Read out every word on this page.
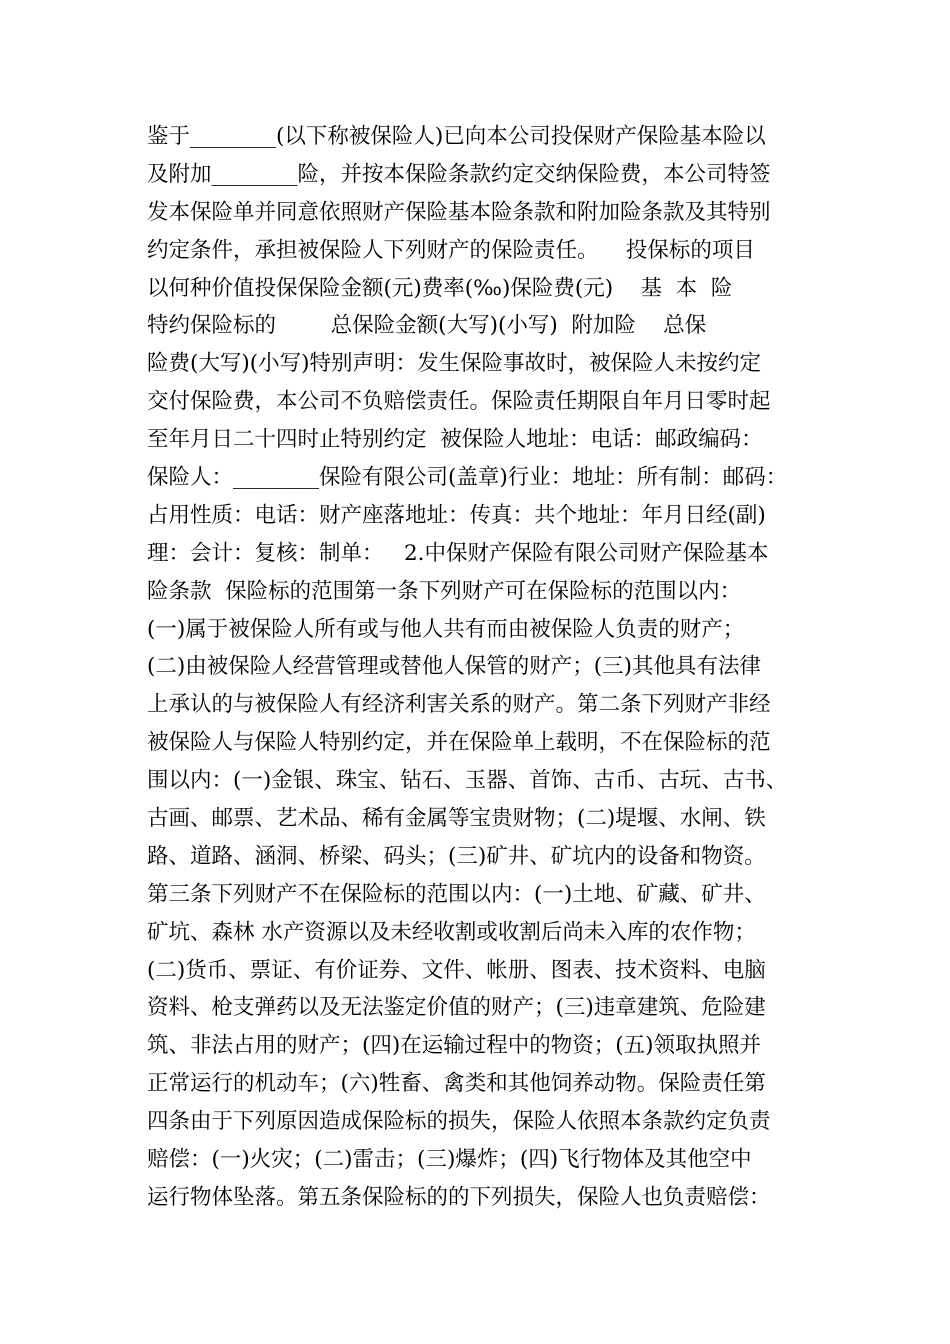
鉴于________(以下称被保险人)已向本公司投保财产保险基本险以
及附加________险，并按本保险条款约定交纳保险费，本公司特签
发本保险单并同意依照财产保险基本险条款和附加险条款及其特别
约定条件，承担被保险人下列财产的保险责任。    投保标的项目
以何种价值投保保险金额(元)费率(‰)保险费(元)    基  本  险
特约保险标的        总保险金额(大写)(小写)  附加险    总保
险费(大写)(小写)特别声明：发生保险事故时，被保险人未按约定
交付保险费，本公司不负赔偿责任。保险责任期限自年月日零时起
至年月日二十四时止特别约定  被保险人地址：电话：邮政编码：
保险人：________保险有限公司(盖章)行业：地址：所有制：邮码：
占用性质：电话：财产座落地址：传真：共个地址：年月日经(副)
理：会计：复核：制单：   2.中保财产保险有限公司财产保险基本
险条款  保险标的范围第一条下列财产可在保险标的范围以内：
(一)属于被保险人所有或与他人共有而由被保险人负责的财产；
(二)由被保险人经营管理或替他人保管的财产；(三)其他具有法律
上承认的与被保险人有经济利害关系的财产。第二条下列财产非经
被保险人与保险人特别约定，并在保险单上载明，不在保险标的范
围以内：(一)金银、珠宝、钻石、玉器、首饰、古币、古玩、古书、
古画、邮票、艺术品、稀有金属等宝贵财物；(二)堤堰、水闸、铁
路、道路、涵洞、桥梁、码头；(三)矿井、矿坑内的设备和物资。
第三条下列财产不在保险标的范围以内：(一)土地、矿藏、矿井、
矿坑、森林 水产资源以及未经收割或收割后尚未入库的农作物；
(二)货币、票证、有价证券、文件、帐册、图表、技术资料、电脑
资料、枪支弹药以及无法鉴定价值的财产；(三)违章建筑、危险建
筑、非法占用的财产；(四)在运输过程中的物资；(五)领取执照并
正常运行的机动车；(六)牲畜、禽类和其他饲养动物。保险责任第
四条由于下列原因造成保险标的损失，保险人依照本条款约定负责
赔偿：(一)火灾；(二)雷击；(三)爆炸；(四)飞行物体及其他空中
运行物体坠落。第五条保险标的的下列损失，保险人也负责赔偿：
